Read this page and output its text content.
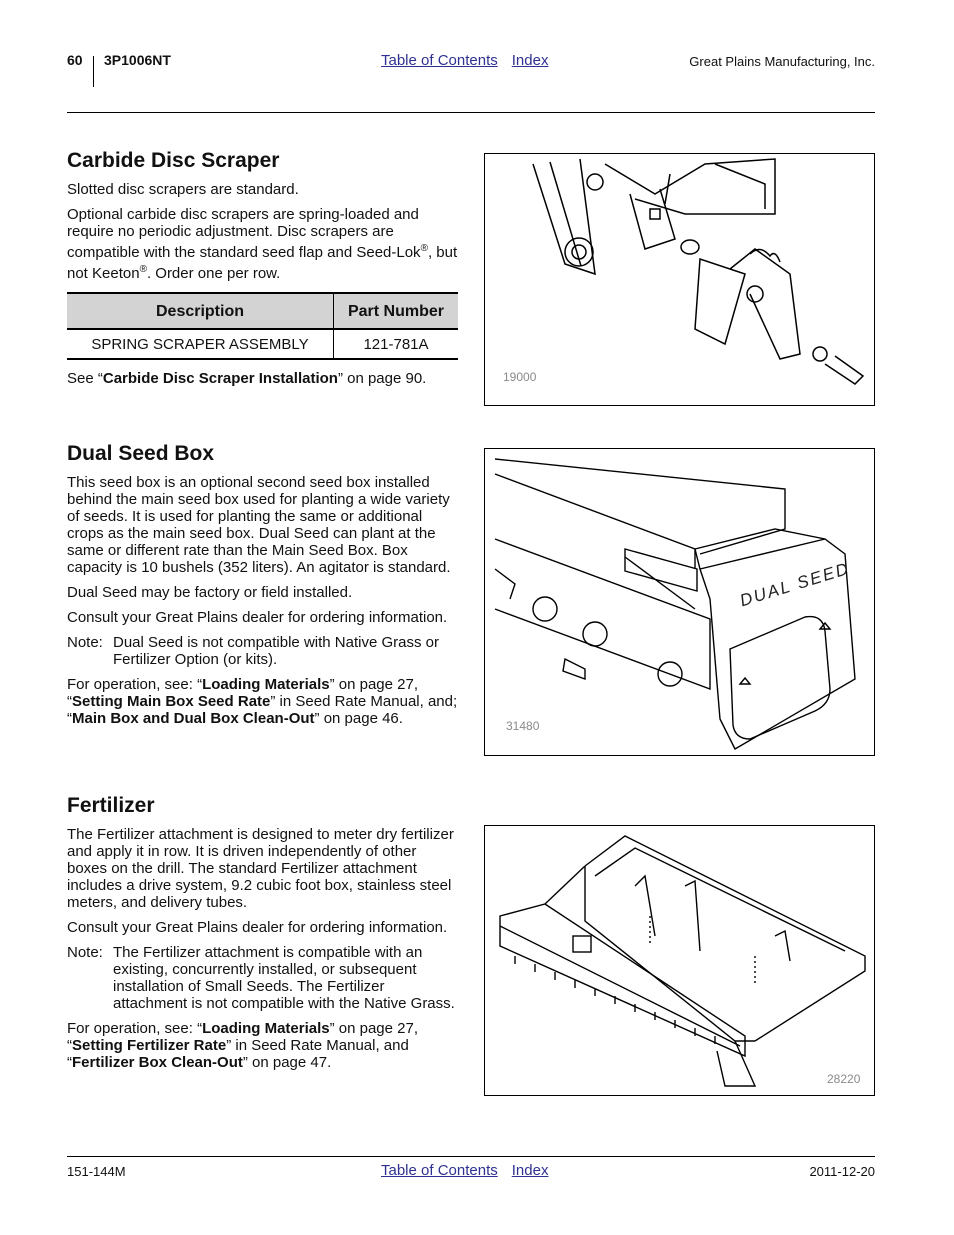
60 3P1006NT	Table of Contents Index	Great Plains Manufacturing, Inc.
Carbide Disc Scraper

Slotted disc scrapers are standard.

Optional carbide disc scrapers are spring-loaded and require no periodic adjustment. Disc scrapers are compatible with the standard seed flap and Seed-Lok®, but not Keeton®. Order one per row.

Description	Part Number
SPRING SCRAPER ASSEMBLY	121-781A

See “Carbide Disc Scraper Installation” on page 90.	19000
Dual Seed Box

This seed box is an optional second seed box installed behind the main seed box used for planting a wide variety of seeds. It is used for planting the same or additional crops as the main seed box. Dual Seed can plant at the same or different rate than the Main Seed Box. Box capacity is 10 bushels (352 liters). An agitator is standard.

Dual Seed may be factory or field installed.

Consult your Great Plains dealer for ordering information.

Note: Dual Seed is not compatible with Native Grass or Fertilizer Option (or kits).

For operation, see: “Loading Materials” on page 27, “Setting Main Box Seed Rate” in Seed Rate Manual, and; “Main Box and Dual Box Clean-Out” on page 46.

DUAL SEED
31480
Fertilizer

The Fertilizer attachment is designed to meter dry fertilizer and apply it in row. It is driven independently of other boxes on the drill. The standard Fertilizer attachment includes a drive system, 9.2 cubic foot box, stainless steel meters, and delivery tubes.

Consult your Great Plains dealer for ordering information.

Note: The Fertilizer attachment is compatible with an existing, concurrently installed, or subsequent installation of Small Seeds. The Fertilizer attachment is not compatible with the Native Grass.

For operation, see: “Loading Materials” on page 27, “Setting Fertilizer Rate” in Seed Rate Manual, and “Fertilizer Box Clean-Out” on page 47.

28220
151-144M	Table of Contents Index	2011-12-20
